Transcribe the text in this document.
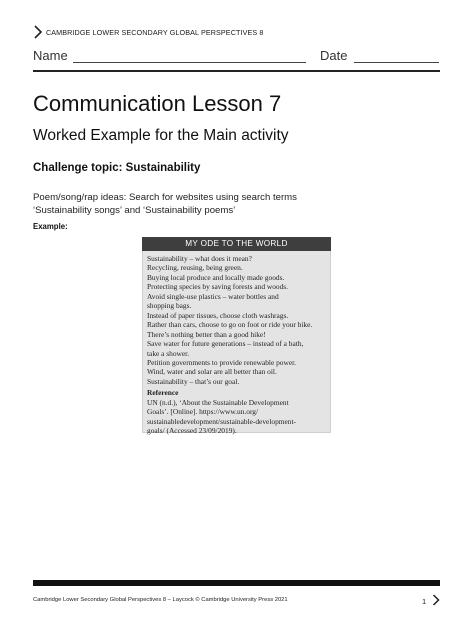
CAMBRIDGE LOWER SECONDARY GLOBAL PERSPECTIVES 8
Name	Date
Communication Lesson 7
Worked Example for the Main activity
Challenge topic: Sustainability
Poem/song/rap ideas: Search for websites using search terms
‘Sustainability songs’ and ‘Sustainability poems’
Example:
MY ODE TO THE WORLD
Sustainability – what does it mean?
Recycling, reusing, being green.
Buying local produce and locally made goods.
Protecting species by saving forests and woods.
Avoid single-use plastics – water bottles and
shopping bags.
Instead of paper tissues, choose cloth washrags.
Rather than cars, choose to go on foot or ride your bike.
There’s nothing better than a good hike!
Save water for future generations – instead of a bath,
take a shower.
Petition governments to provide renewable power.
Wind, water and solar are all better than oil.
Sustainability – that’s our goal.
Reference
UN (n.d.), ‘About the Sustainable Development
Goals’. [Online]. https://www.un.org/
sustainabledevelopment/sustainable-development-
goals/ (Accessed 23/09/2019).
Cambridge Lower Secondary Global Perspectives 8 – Laycock © Cambridge University Press 2021	1
